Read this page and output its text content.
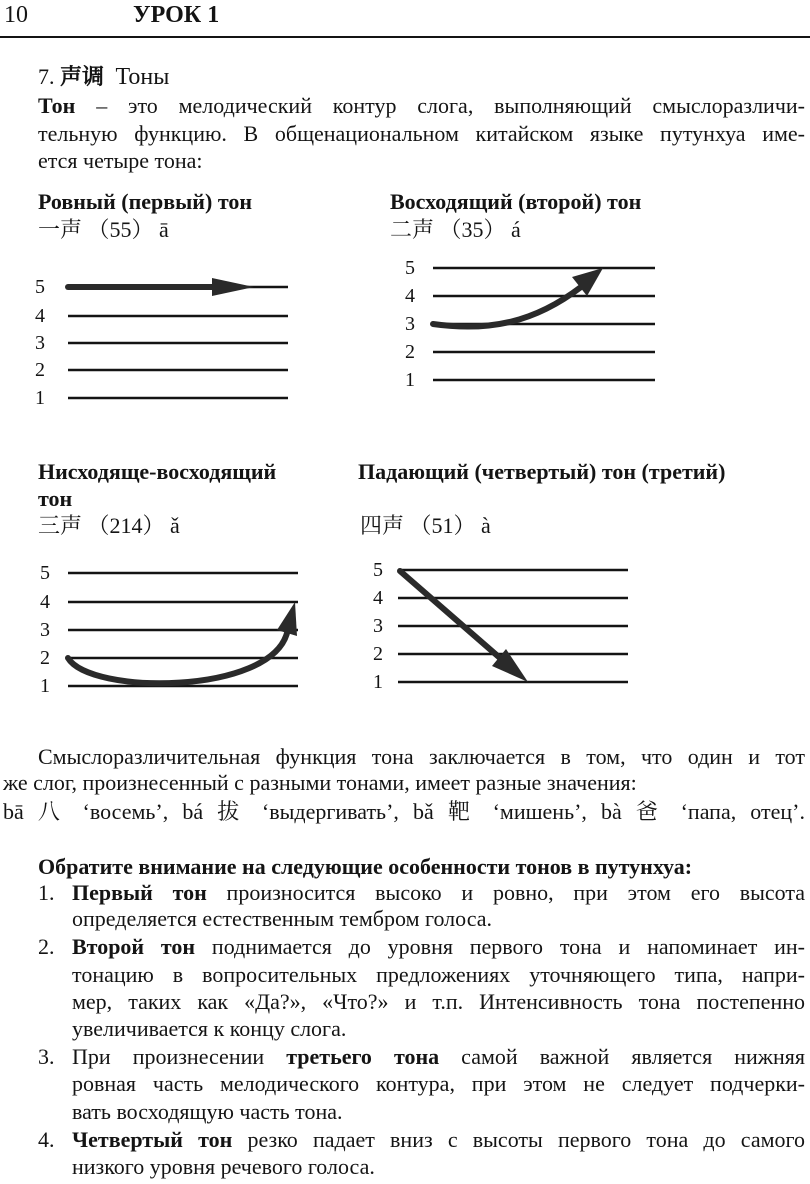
10	УРОК 1
7. 声调 Тоны
Тон – это мелодический контур слога, выполняющий смыслоразличи-
тельную функцию. В общенациональном китайском языке путунхуа име-
ется четыре тона:
Ровный (первый) тон
一声 （55） ā
Восходящий (второй) тон
二声 （35） á
5
4
3
2
1
5
4
3
2
1
Нисходяще-восходящий
тон
三声 （214） ǎ
Падающий (четвертый) тон (третий)
四声 （51） à
5
4
3
2
1
5
4
3
2
1
Смыслоразличительная функция тона заключается в том, что один и тот
же слог, произнесенный с разными тонами, имеет разные значения:
bā 八 ‘восемь’, bá 拔 ‘выдергивать’, bǎ 靶 ‘мишень’, bà 爸 ‘папа, отец’.
Обратите внимание на следующие особенности тонов в путунхуа:
1. Первый тон произносится высоко и ровно, при этом его высота
определяется естественным тембром голоса.
2. Второй тон поднимается до уровня первого тона и напоминает ин-
тонацию в вопросительных предложениях уточняющего типа, напри-
мер, таких как «Да?», «Что?» и т.п. Интенсивность тона постепенно
увеличивается к концу слога.
3. При произнесении третьего тона самой важной является нижняя
ровная часть мелодического контура, при этом не следует подчерки-
вать восходящую часть тона.
4. Четвертый тон резко падает вниз с высоты первого тона до самого
низкого уровня речевого голоса.
